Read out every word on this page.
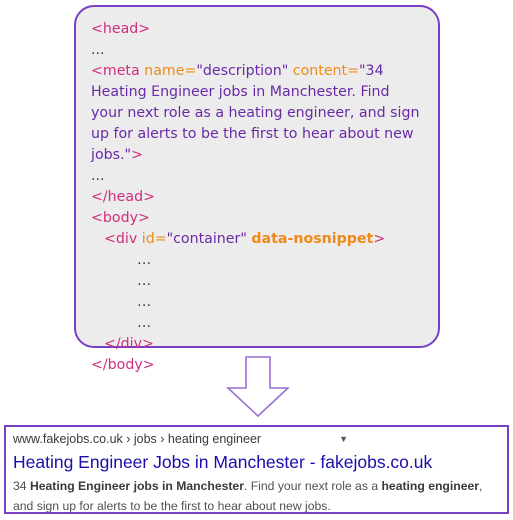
<head>
...
<meta name="description" content="34 Heating Engineer jobs in Manchester. Find your next role as a heating engineer, and sign up for alerts to be the first to hear about new jobs.">
...
</head>
<body>
<div id="container" data-nosnippet>
…
…
…
…
</div>
</body>
www.fakejobs.co.uk › jobs › heating engineer	▼
Heating Engineer Jobs in Manchester - fakejobs.co.uk
34 Heating Engineer jobs in Manchester. Find your next role as a heating engineer, and sign up for alerts to be the first to hear about new jobs.
